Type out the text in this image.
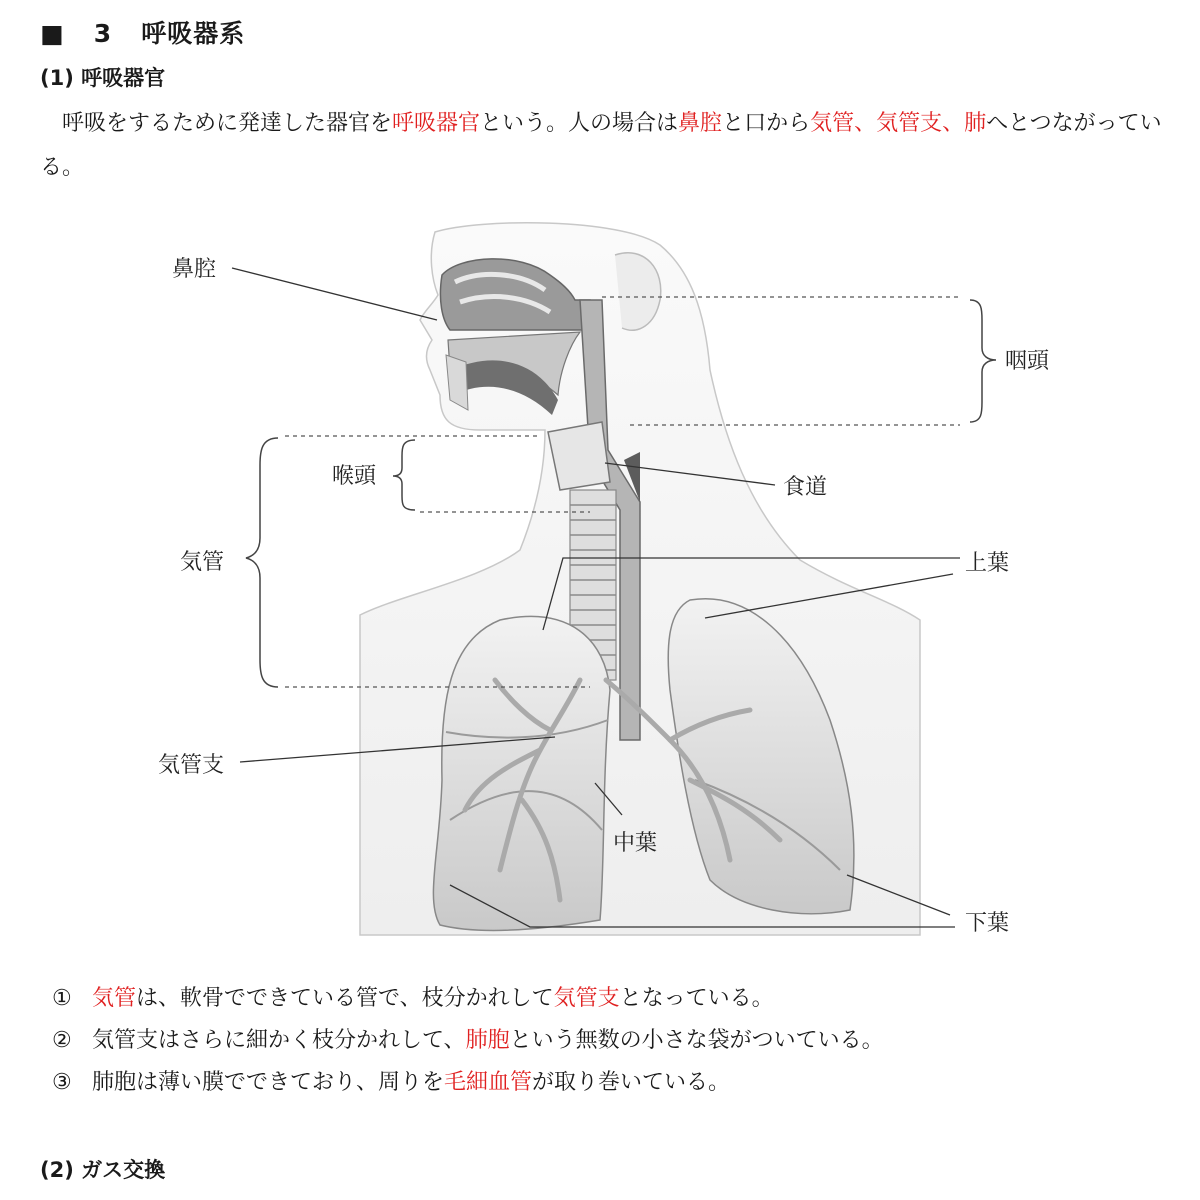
■ 3 呼吸器系
(1) 呼吸器官
呼吸をするために発達した器官を呼吸器官という。人の場合は鼻腔と口から気管、気管支、肺へとつながっている。
鼻腔
咽頭
喉頭	食道
気管	上葉
気管支
中葉
下葉
① 気管は、軟骨でできている管で、枝分かれして気管支となっている。
② 気管支はさらに細かく枝分かれして、肺胞という無数の小さな袋がついている。
③ 肺胞は薄い膜でできており、周りを毛細血管が取り巻いている。
(2) ガス交換
